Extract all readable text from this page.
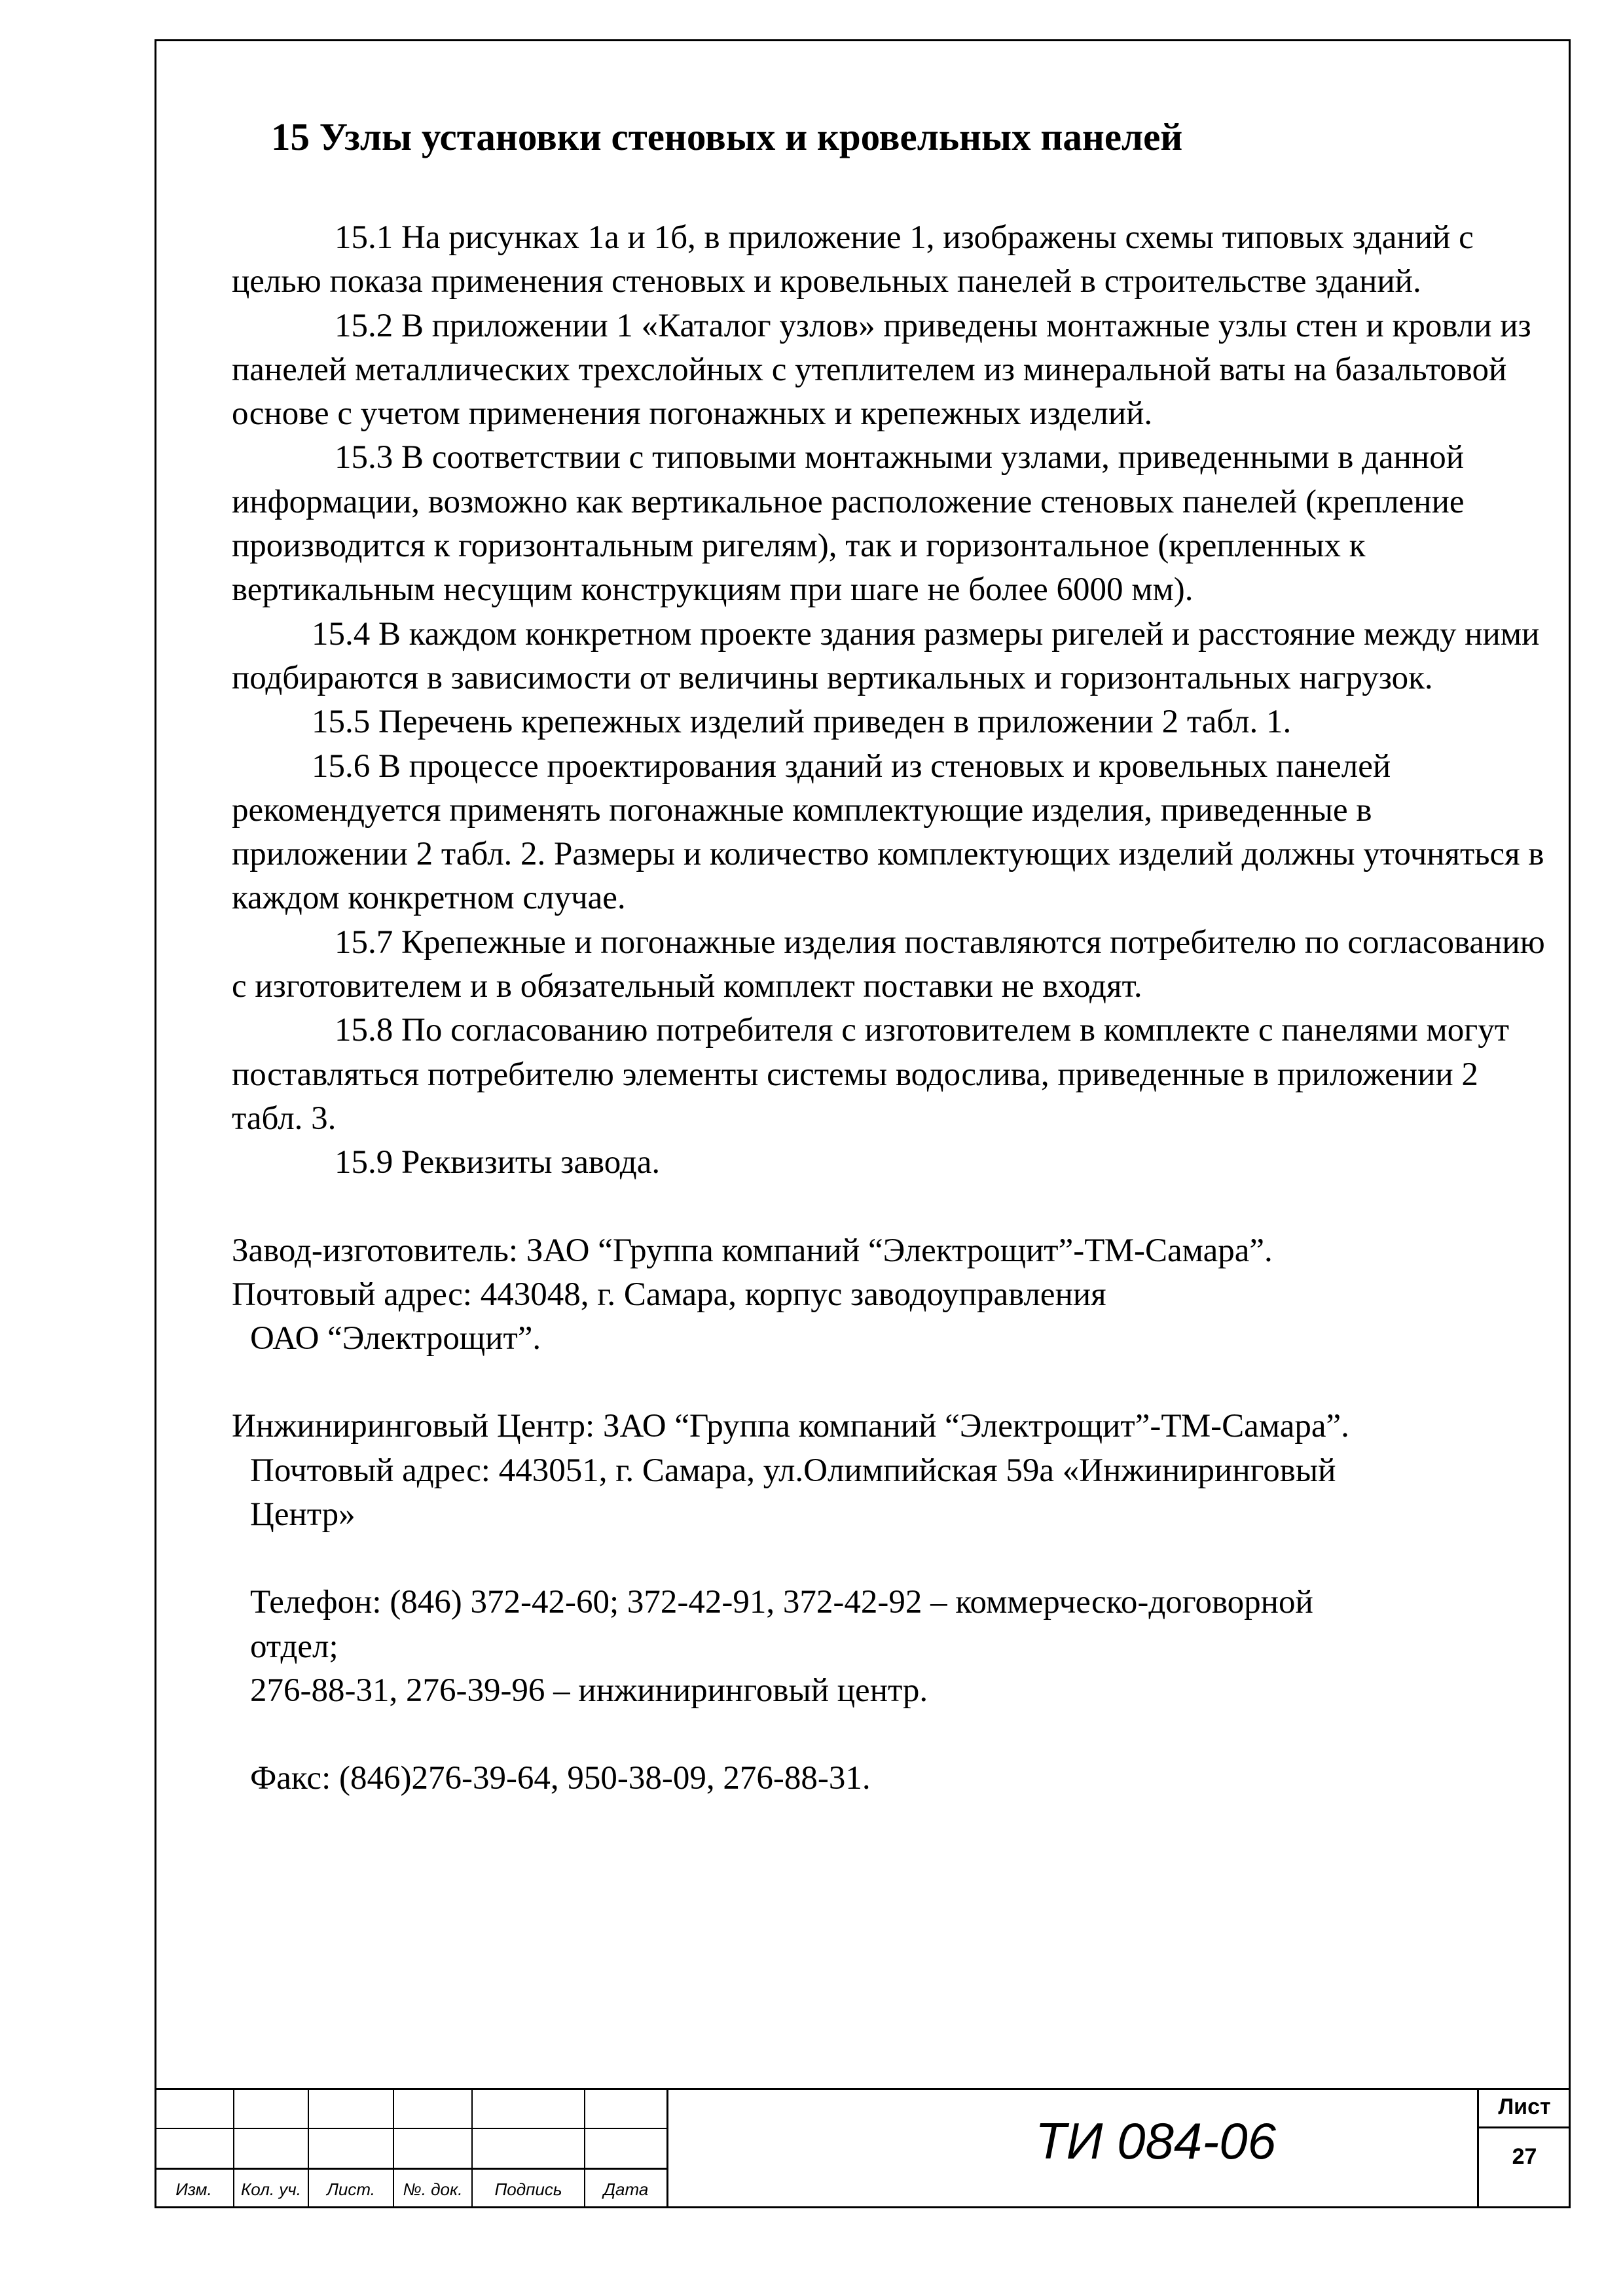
15 Узлы установки стеновых и кровельных панелей

15.1 На рисунках 1а и 1б, в приложение 1, изображены схемы типовых зданий с целью показа применения стеновых и кровельных панелей в строительстве зданий.

15.2 В приложении 1 «Каталог узлов» приведены монтажные узлы стен и кровли из панелей металлических трехслойных с утеплителем из минеральной ваты на базальтовой основе с учетом применения погонажных и крепежных изделий.

15.3 В соответствии с типовыми монтажными узлами, приведенными в данной информации, возможно как вертикальное расположение стеновых панелей (крепление производится к горизонтальным ригелям), так и горизонтальное (крепленных к вертикальным несущим конструкциям при шаге не более 6000 мм).

15.4 В каждом конкретном проекте здания размеры ригелей и расстояние между ними подбираются в зависимости от величины вертикальных и горизонтальных нагрузок.

15.5 Перечень крепежных изделий приведен в приложении 2 табл. 1.

15.6 В процессе проектирования зданий из стеновых и кровельных панелей рекомендуется применять погонажные комплектующие изделия, приведенные в приложении 2 табл. 2. Размеры и количество комплектующих изделий должны уточняться в каждом конкретном случае.

15.7 Крепежные и погонажные изделия поставляются потребителю по согласованию с изготовителем и в обязательный комплект поставки не входят.

15.8 По согласованию потребителя с изготовителем в комплекте с панелями могут поставляться потребителю элементы системы водослива, приведенные в приложении 2 табл. 3.

15.9 Реквизиты завода.

Завод-изготовитель: ЗАО “Группа компаний “Электрощит”-ТМ-Самара”.
Почтовый адрес: 443048, г. Самара, корпус заводоуправления
ОАО “Электрощит”.
Инжиниринговый Центр: ЗАО “Группа компаний “Электрощит”-ТМ-Самара”.
Почтовый адрес: 443051, г. Самара, ул.Олимпийская 59а «Инжиниринговый
Центр»
Телефон: (846) 372-42-60; 372-42-91, 372-42-92 – коммерческо-договорной
отдел;
276-88-31, 276-39-96 – инжиниринговый центр.
Факс: (846)276-39-64, 950-38-09, 276-88-31.
Изм.	Кол. уч.	Лист.	№. док.	Подпись	Дата
ТИ 084-06
Лист
27
